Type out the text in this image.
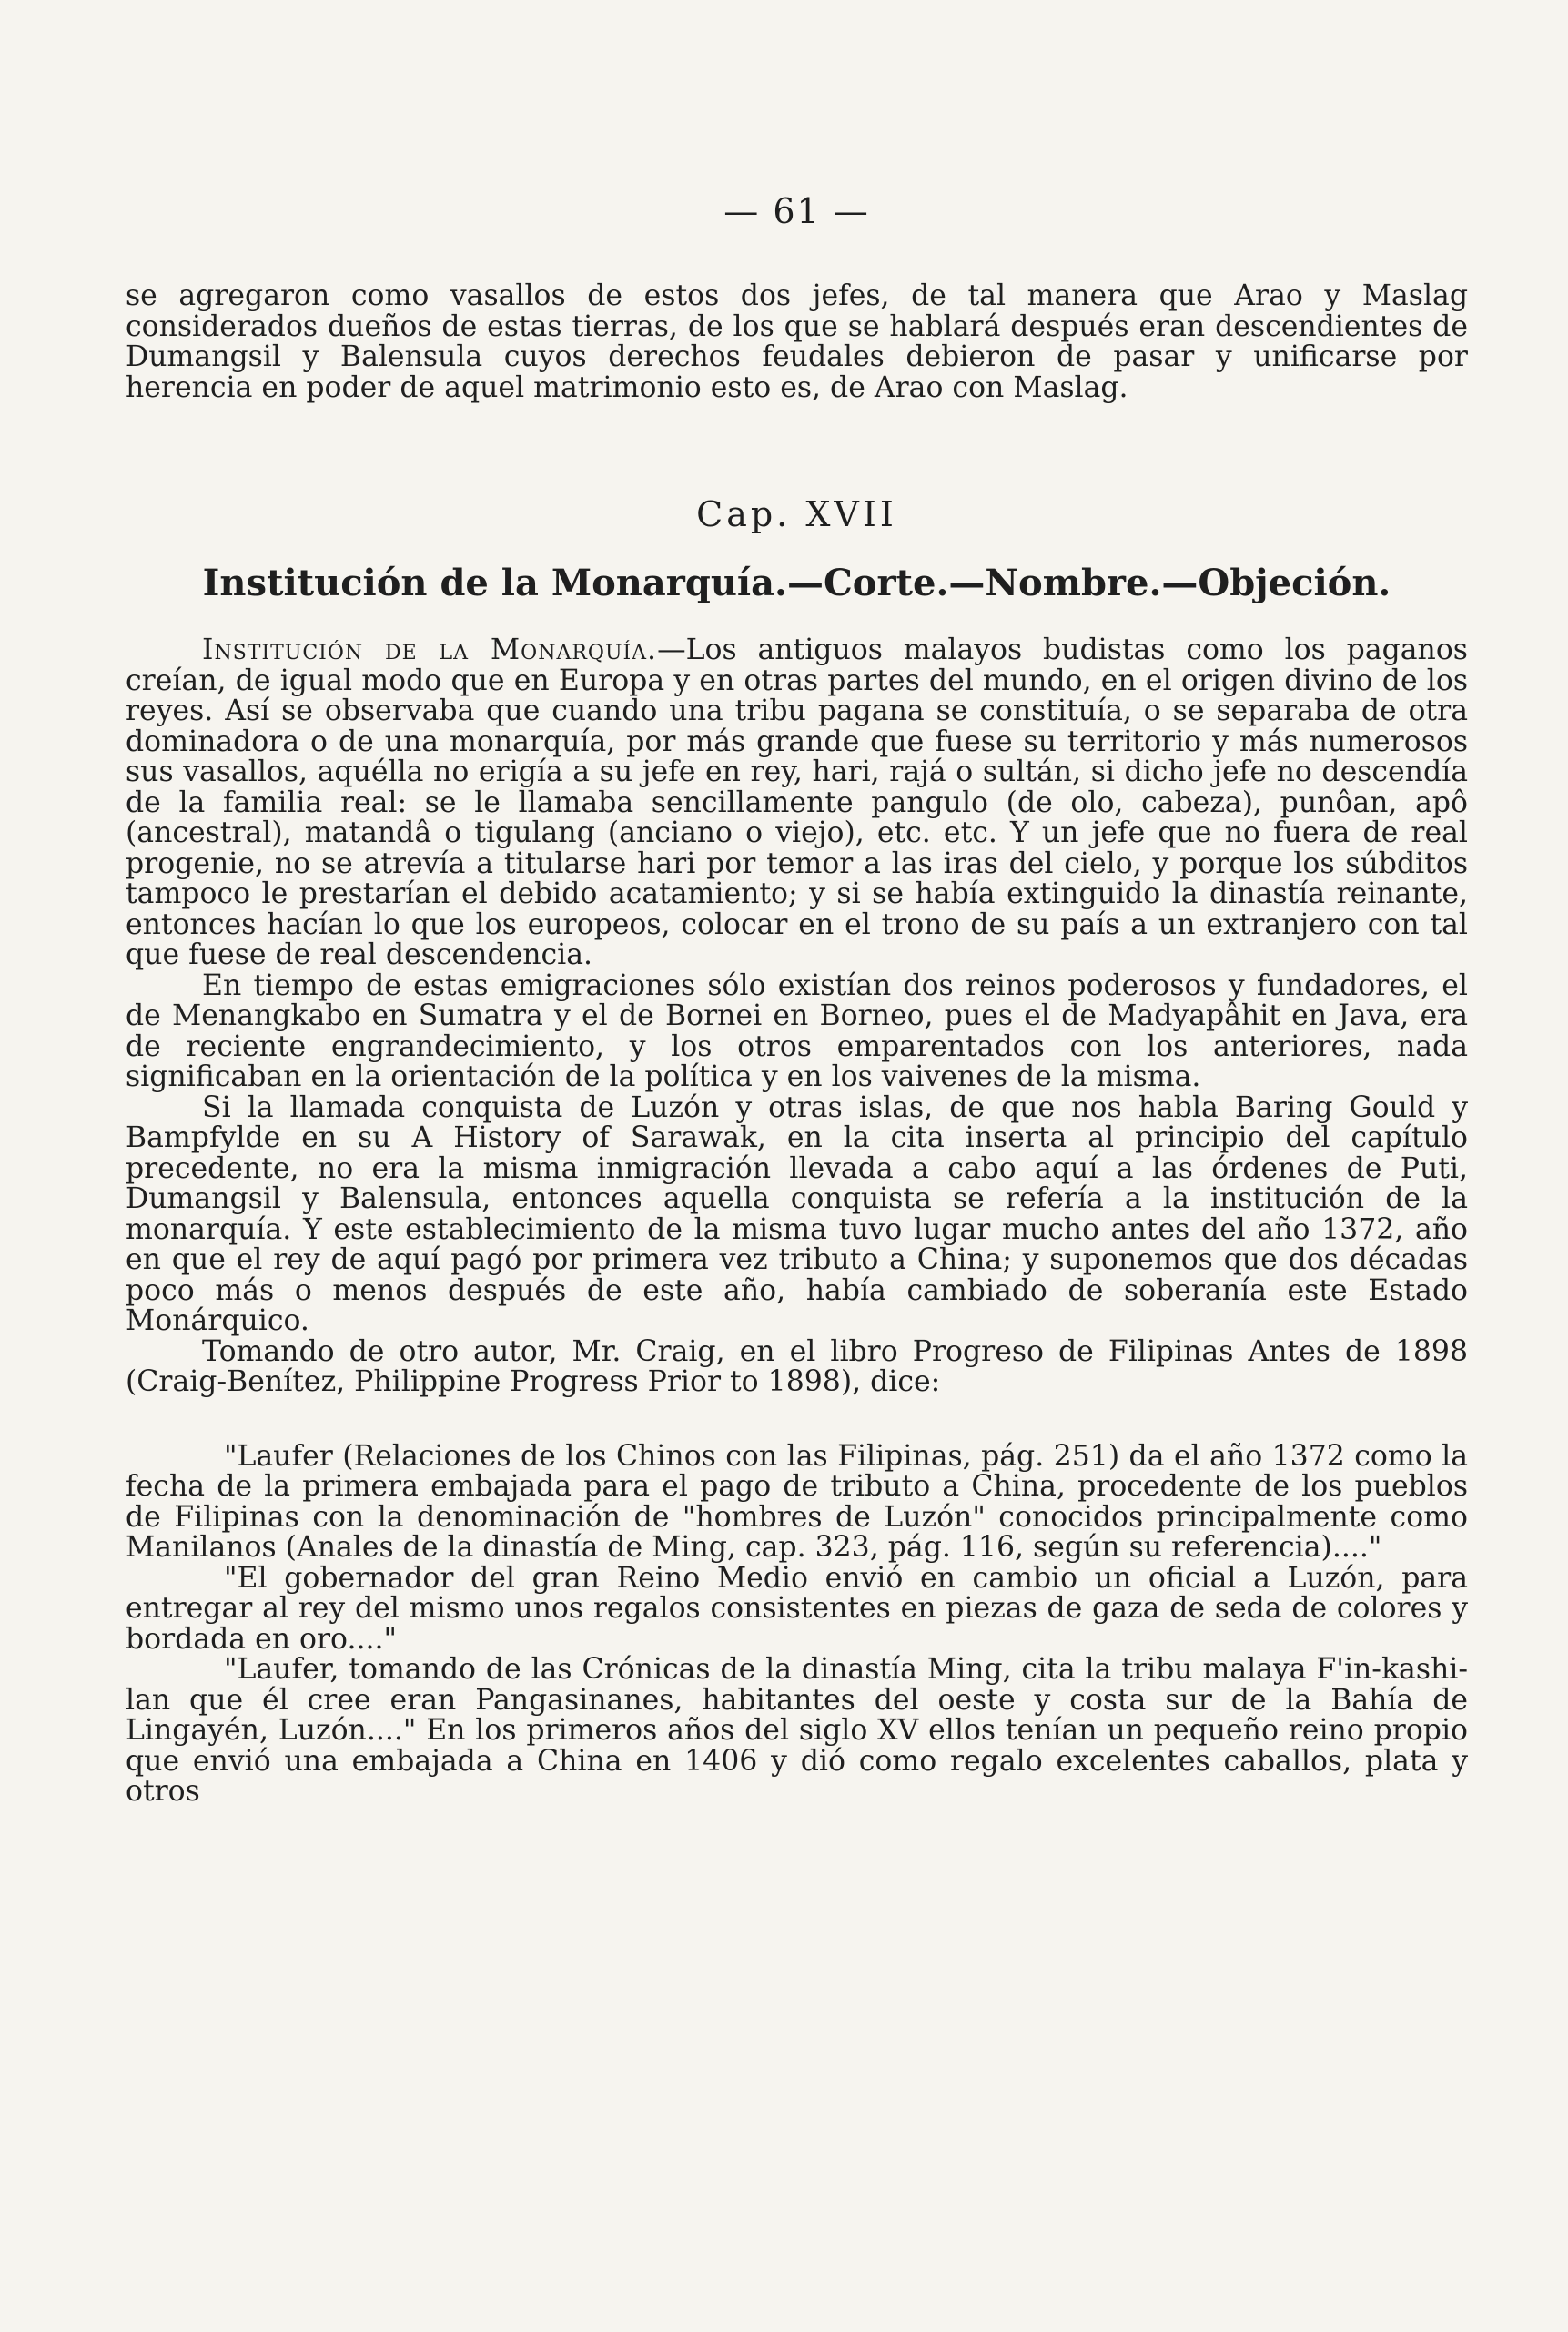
— 61 —

se agregaron como vasallos de estos dos jefes, de tal manera que Arao y Maslag considerados dueños de estas tierras, de los que se hablará después eran descendientes de Dumangsil y Balensula cuyos derechos feudales debieron de pasar y unificarse por herencia en poder de aquel matrimonio esto es, de Arao con Maslag.

Cap. XVII
Institución de la Monarquía.—Corte.—Nombre.—Objeción.

Institución de la Monarquía.—Los antiguos malayos budistas como los paganos creían, de igual modo que en Europa y en otras partes del mundo, en el origen divino de los reyes. Así se observaba que cuando una tribu pagana se constituía, o se separaba de otra dominadora o de una monarquía, por más grande que fuese su territorio y más numerosos sus vasallos, aquélla no erigía a su jefe en rey, hari, rajá o sultán, si dicho jefe no descendía de la familia real: se le llamaba sencillamente pangulo (de olo, cabeza), punôan, apô (ancestral), matandâ o tigulang (anciano o viejo), etc. etc. Y un jefe que no fuera de real progenie, no se atrevía a titularse hari por temor a las iras del cielo, y porque los súbditos tampoco le prestarían el debido acatamiento; y si se había extinguido la dinastía reinante, entonces hacían lo que los europeos, colocar en el trono de su país a un extranjero con tal que fuese de real descendencia.

En tiempo de estas emigraciones sólo existían dos reinos poderosos y fundadores, el de Menangkabo en Sumatra y el de Bornei en Borneo, pues el de Madyapâhit en Java, era de reciente engrandecimiento, y los otros emparentados con los anteriores, nada significaban en la orientación de la política y en los vaivenes de la misma.

Si la llamada conquista de Luzón y otras islas, de que nos habla Baring Gould y Bampfylde en su A History of Sarawak, en la cita inserta al principio del capítulo precedente, no era la misma inmigración llevada a cabo aquí a las órdenes de Puti, Dumangsil y Balensula, entonces aquella conquista se refería a la institución de la monarquía. Y este establecimiento de la misma tuvo lugar mucho antes del año 1372, año en que el rey de aquí pagó por primera vez tributo a China; y suponemos que dos décadas poco más o menos después de este año, había cambiado de soberanía este Estado Monárquico.

Tomando de otro autor, Mr. Craig, en el libro Progreso de Filipinas Antes de 1898 (Craig-Benítez, Philippine Progress Prior to 1898), dice:

"Laufer (Relaciones de los Chinos con las Filipinas, pág. 251) da el año 1372 como la fecha de la primera embajada para el pago de tributo a China, procedente de los pueblos de Filipinas con la denominación de "hombres de Luzón" conocidos principalmente como Manilanos (Anales de la dinastía de Ming, cap. 323, pág. 116, según su referencia)...."

"El gobernador del gran Reino Medio envió en cambio un oficial a Luzón, para entregar al rey del mismo unos regalos consistentes en piezas de gaza de seda de colores y bordada en oro...."

"Laufer, tomando de las Crónicas de la dinastía Ming, cita la tribu malaya F'in-kashi-lan que él cree eran Pangasinanes, habitantes del oeste y costa sur de la Bahía de Lingayén, Luzón...." En los primeros años del siglo XV ellos tenían un pequeño reino propio que envió una embajada a China en 1406 y dió como regalo excelentes caballos, plata y otros
